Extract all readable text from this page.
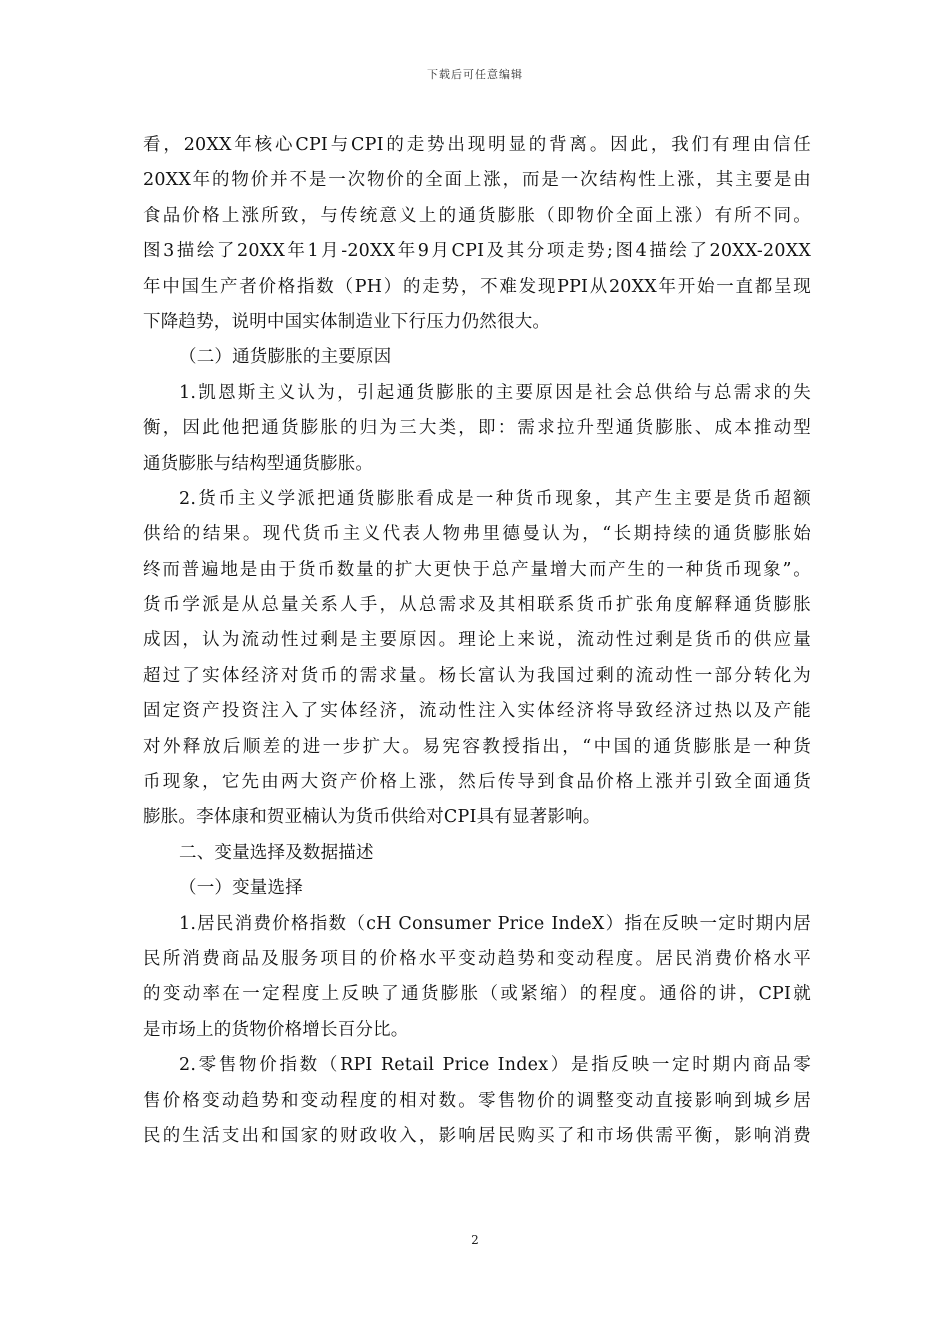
下载后可任意编辑
看，20XX年核心CPI与CPI的走势出现明显的背离。因此，我们有理由信任
20XX年的物价并不是一次物价的全面上涨，而是一次结构性上涨，其主要是由
食品价格上涨所致，与传统意义上的通货膨胀（即物价全面上涨）有所不同。
图3描绘了20XX年1月-20XX年9月CPI及其分项走势;图4描绘了20XX-20XX
年中国生产者价格指数（PH）的走势，不难发现PPI从20XX年开始一直都呈现
下降趋势，说明中国实体制造业下行压力仍然很大。
（二）通货膨胀的主要原因
1.凯恩斯主义认为，引起通货膨胀的主要原因是社会总供给与总需求的失
衡，因此他把通货膨胀的归为三大类，即：需求拉升型通货膨胀、成本推动型
通货膨胀与结构型通货膨胀。
2.货币主义学派把通货膨胀看成是一种货币现象，其产生主要是货币超额
供给的结果。现代货币主义代表人物弗里德曼认为，“长期持续的通货膨胀始
终而普遍地是由于货币数量的扩大更快于总产量增大而产生的一种货币现象”。
货币学派是从总量关系人手，从总需求及其相联系货币扩张角度解释通货膨胀
成因，认为流动性过剩是主要原因。理论上来说，流动性过剩是货币的供应量
超过了实体经济对货币的需求量。杨长富认为我国过剩的流动性一部分转化为
固定资产投资注入了实体经济，流动性注入实体经济将导致经济过热以及产能
对外释放后顺差的进一步扩大。易宪容教授指出，“中国的通货膨胀是一种货
币现象，它先由两大资产价格上涨，然后传导到食品价格上涨并引致全面通货
膨胀。李体康和贺亚楠认为货币供给对CPI具有显著影响。
二、变量选择及数据描述
（一）变量选择
1.居民消费价格指数（cH Consumer Price IndeX）指在反映一定时期内居
民所消费商品及服务项目的价格水平变动趋势和变动程度。居民消费价格水平
的变动率在一定程度上反映了通货膨胀（或紧缩）的程度。通俗的讲，CPI就
是市场上的货物价格增长百分比。
2.零售物价指数（RPI Retail Price Index）是指反映一定时期内商品零
售价格变动趋势和变动程度的相对数。零售物价的调整变动直接影响到城乡居
民的生活支出和国家的财政收入，影响居民购买了和市场供需平衡，影响消费
2
